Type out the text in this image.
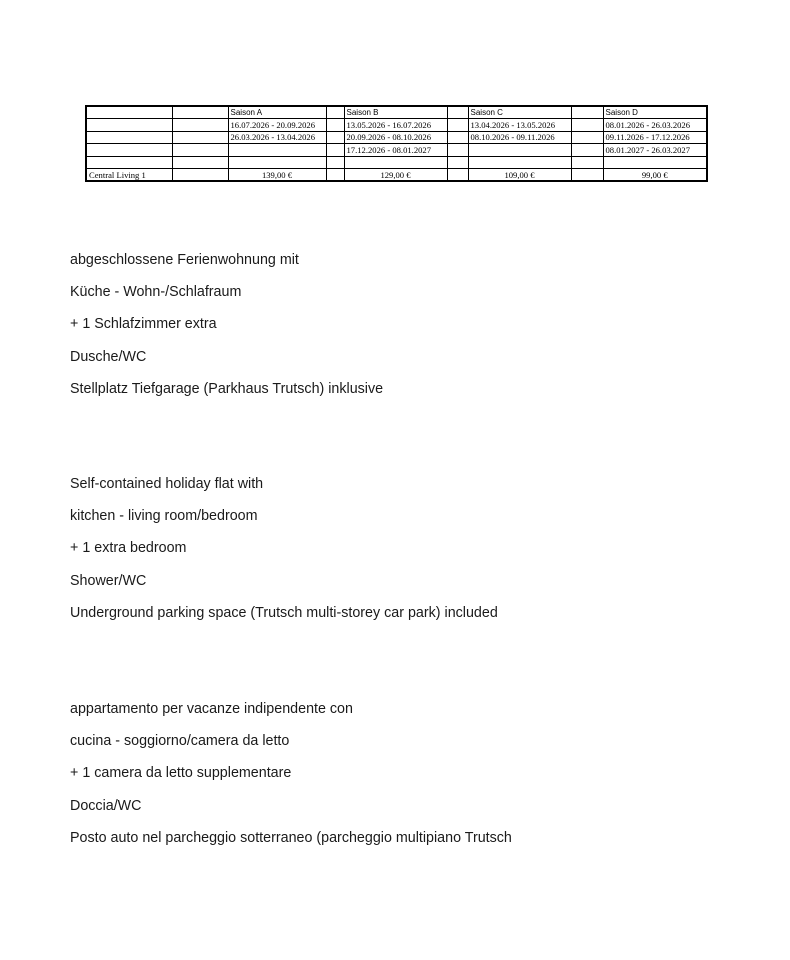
		Saison A		Saison B		Saison C		Saison D
		16.07.2026 - 20.09.2026		13.05.2026 - 16.07.2026		13.04.2026 - 13.05.2026		08.01.2026 - 26.03.2026
		26.03.2026 - 13.04.2026		20.09.2026 - 08.10.2026		08.10.2026 - 09.11.2026		09.11.2026 - 17.12.2026
				17.12.2026 - 08.01.2027				08.01.2027 - 26.03.2027

Central Living 1		139,00 €		129,00 €		109,00 €		99,00 €

abgeschlossene Ferienwohnung mit

Küche - Wohn-/Schlafraum

+ 1 Schlafzimmer extra

Dusche/WC

Stellplatz Tiefgarage (Parkhaus Trutsch) inklusive

Self-contained holiday flat with

kitchen - living room/bedroom

+ 1 extra bedroom

Shower/WC

Underground parking space (Trutsch multi-storey car park) included

appartamento per vacanze indipendente con

cucina - soggiorno/camera da letto

+ 1 camera da letto supplementare

Doccia/WC

Posto auto nel parcheggio sotterraneo (parcheggio multipiano Trutsch
